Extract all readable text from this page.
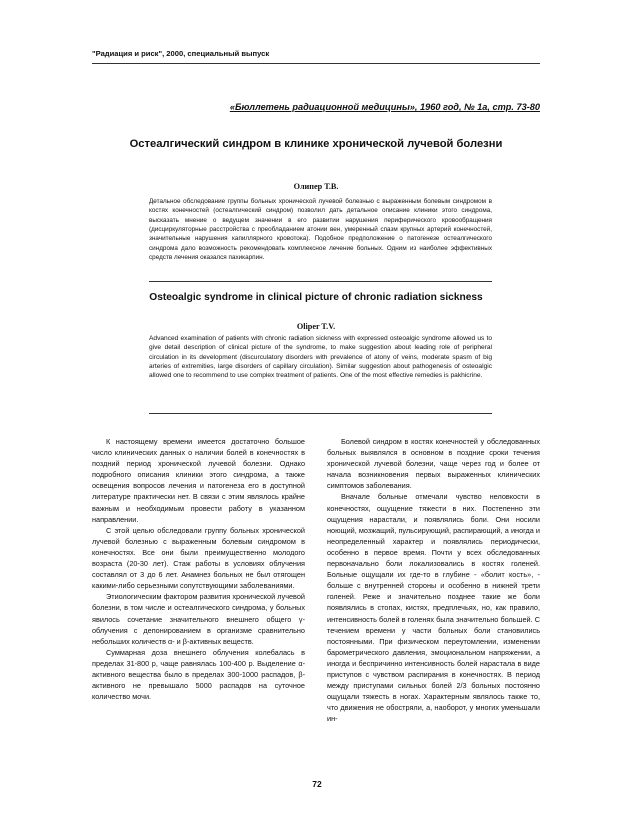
"Радиация и риск", 2000, специальный выпуск
«Бюллетень радиационной медицины», 1960 год, № 1а, стр. 73-80
Остеалгический синдром в клинике хронической лучевой болезни
Олипер Т.В.
Детальное обследование группы больных хронической лучевой болезнью с выраженным болевым синдромом в костях конечностей (остеалгический синдром) позволил дать детальное описание клиники этого синдрома, высказать мнение о ведущем значении в его развитии нарушения периферического кровообращения (дисциркуляторные расстройства с преобладанием атонии вен, умеренный спазм крупных артерий конечностей, значительные нарушения капиллярного кровотока). Подобное предположение о патогенезе остеалгического синдрома дало возможность рекомендовать комплексное лечение больных. Одним из наиболее эффективных средств лечения оказался пахикарпин.
Osteoalgic syndrome in clinical picture of chronic radiation sickness
Oliper T.V.
Advanced examination of patients with chronic radiation sickness with expressed osteoalgic syndrome allowed us to give detail description of clinical picture of the syndrome, to make suggestion about leading role of peripheral circulation in its development (discurculatory disorders with prevalence of atony of veins, moderate spasm of big arteries of extremities, large disorders of capillary circulation). Similar suggestion about pathogenesis of osteoalgic allowed one to recommend to use complex treatment of patients. One of the most effective remedies is pakhicrine.

К настоящему времени имеется достаточно большое число клинических данных о наличии болей в конечностях в поздний период хронической лучевой болезни. Однако подробного описания клиники этого синдрома, а также освещения вопросов лечения и патогенеза его в доступной литературе практически нет. В связи с этим являлось крайне важным и необходимым провести работу в указанном направлении.

С этой целью обследовали группу больных хронической лучевой болезнью с выраженным болевым синдромом в конечностях. Все они были преимущественно молодого возраста (20-30 лет). Стаж работы в условиях облучения составлял от 3 до 6 лет. Анамнез больных не был отягощен какими-либо серьезными сопутствующими заболеваниями.

Этиологическим фактором развития хронической лучевой болезни, в том числе и остеалгического синдрома, у больных явилось сочетание значительного внешнего общего γ-облучения с депонированием в организме сравнительно небольших количеств α- и β-активных веществ.

Суммарная доза внешнего облучения колебалась в пределах 31-800 р, чаще равнялась 100-400 р. Выделение α-активного вещества было в пределах 300-1000 распадов, β-активного не превышало 5000 распадов на суточное количество мочи.

Болевой синдром в костях конечностей у обследованных больных выявлялся в основном в поздние сроки течения хронической лучевой болезни, чаще через год и более от начала возникновения первых выраженных клинических симптомов заболевания.

Вначале больные отмечали чувство неловкости в конечностях, ощущение тяжести в них. Постепенно эти ощущения нарастали, и появлялись боли. Они носили ноющий, мозжащий, пульсирующий, распирающий, а иногда и неопределенный характер и появлялись периодически, особенно в первое время. Почти у всех обследованных первоначально боли локализовались в костях голеней. Больные ощущали их где-то в глубине - «болит кость», - больше с внутренней стороны и особенно в нижней трети голеней. Реже и значительно позднее такие же боли появлялись в стопах, кистях, предплечьях, но, как правило, интенсивность болей в голенях была значительно большей. С течением времени у части больных боли становились постоянными. При физическом переутомлении, изменении барометрического давления, эмоциональном напряжении, а иногда и беспричинно интенсивность болей нарастала в виде приступов с чувством распирания в конечностях. В период между приступами сильных болей 2/3 больных постоянно ощущали тяжесть в ногах. Характерным являлось также то, что движения не обостряли, а, наоборот, у многих уменьшали ин-

72
